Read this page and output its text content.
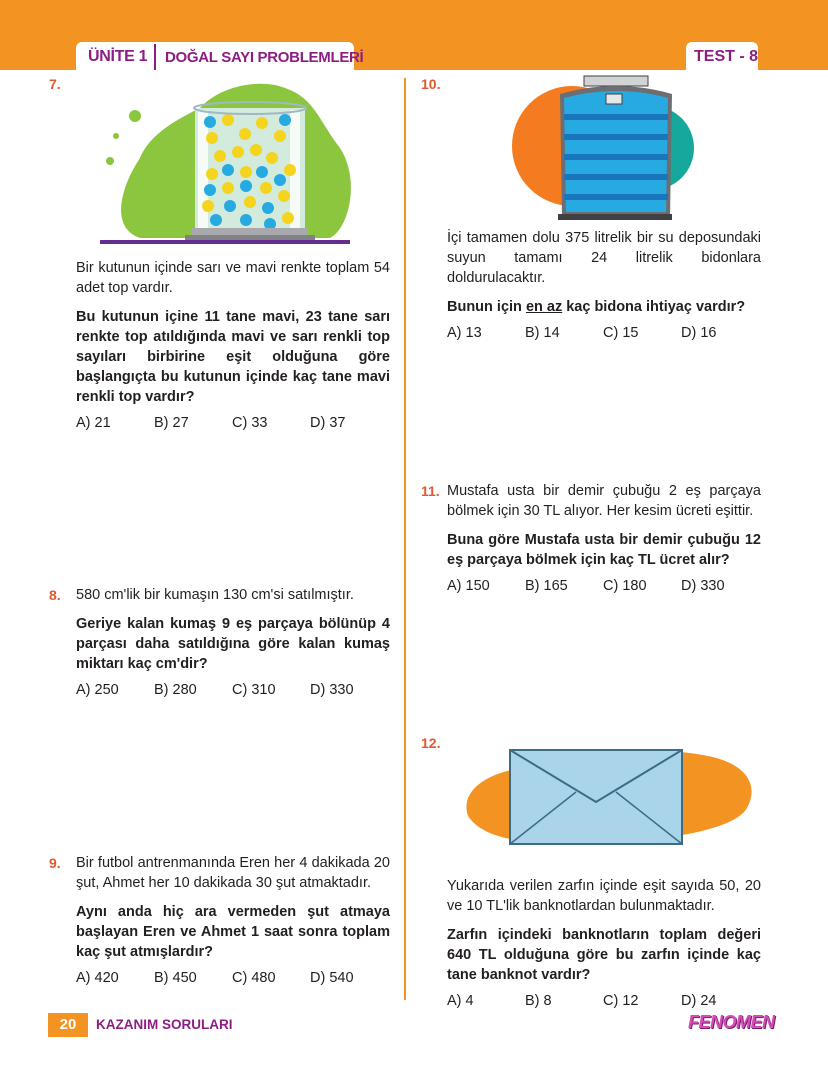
ÜNİTE 1 DOĞAL SAYI PROBLEMLERİ	TEST - 8
7.

Bir kutunun içinde sarı ve mavi renkte toplam 54 adet top vardır.

Bu kutunun içine 11 tane mavi, 23 tane sarı renkte top atıldığında mavi ve sarı renkli top sayıları birbirine eşit olduğuna göre başlangıçta bu kutunun içinde kaç tane mavi renkli top vardır?

A) 21	B) 27	C) 33	D) 37
8. 580 cm'lik bir kumaşın 130 cm'si satılmıştır.

Geriye kalan kumaş 9 eş parçaya bölünüp 4 parçası daha satıldığına göre kalan kumaş miktarı kaç cm'dir?

A) 250	B) 280	C) 310	D) 330
9. Bir futbol antrenmanında Eren her 4 dakikada 20 şut, Ahmet her 10 dakikada 30 şut atmaktadır.

Aynı anda hiç ara vermeden şut atmaya başlayan Eren ve Ahmet 1 saat sonra toplam kaç şut atmışlardır?

A) 420	B) 450	C) 480	D) 540
10.

İçi tamamen dolu 375 litrelik bir su deposundaki suyun tamamı 24 litrelik bidonlara doldurulacaktır.

Bunun için en az kaç bidona ihtiyaç vardır?

A) 13	B) 14	C) 15	D) 16
11. Mustafa usta bir demir çubuğu 2 eş parçaya bölmek için 30 TL alıyor. Her kesim ücreti eşittir.

Buna göre Mustafa usta bir demir çubuğu 12 eş parçaya bölmek için kaç TL ücret alır?

A) 150	B) 165	C) 180	D) 330
12.

Yukarıda verilen zarfın içinde eşit sayıda 50, 20 ve 10 TL'lik banknotlardan bulunmaktadır.

Zarfın içindeki banknotların toplam değeri 640 TL olduğuna göre bu zarfın içinde kaç tane banknot vardır?

A) 4	B) 8	C) 12	D) 24
20	KAZANIM SORULARI	FENOMEN
